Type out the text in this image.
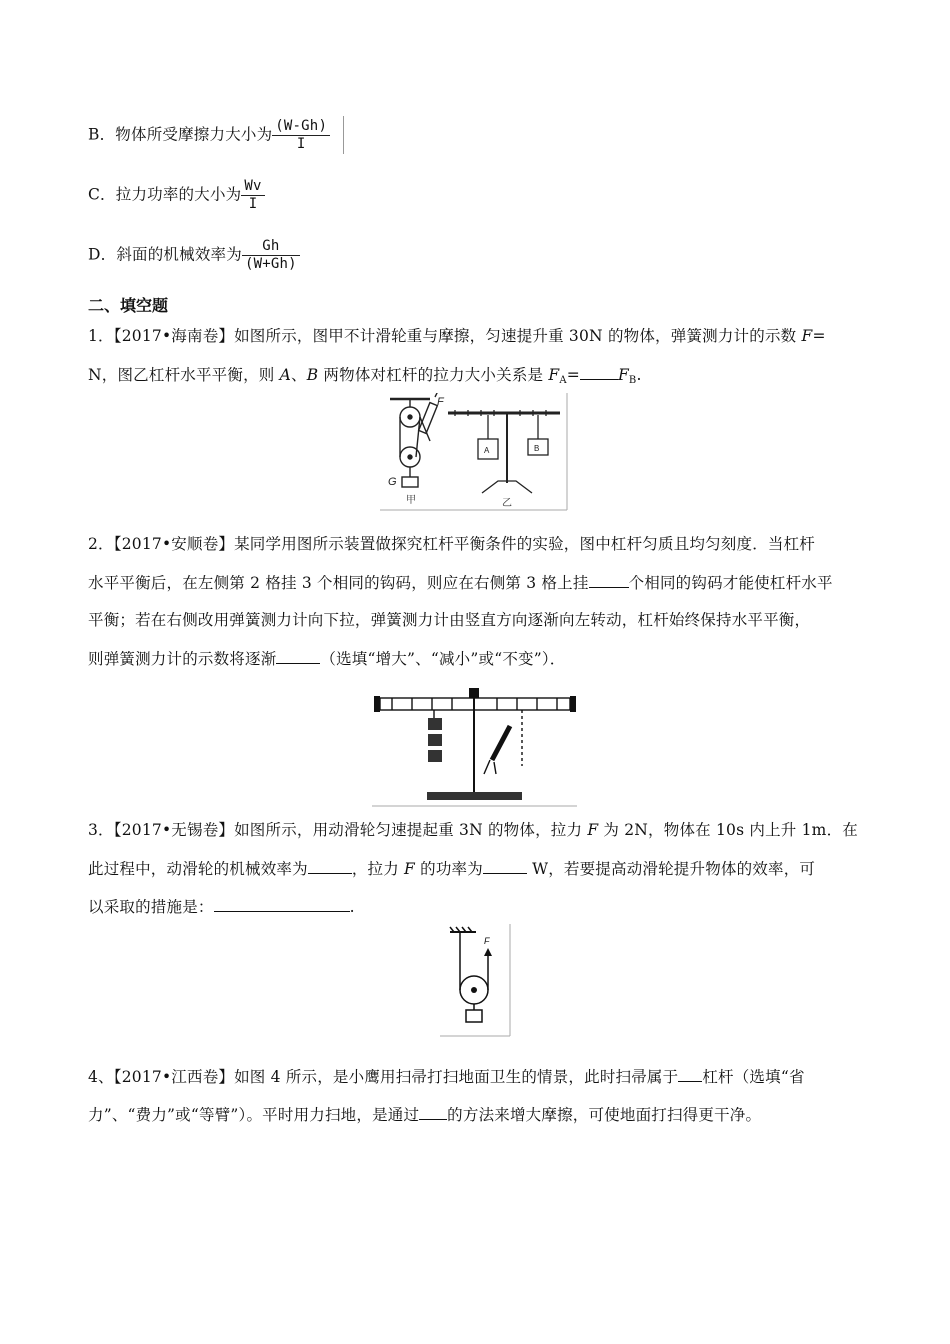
B．物体所受摩擦力大小为 $\frac{(W-Gh)}{I}$
C．拉力功率的大小为 $\frac{Wv}{I}$
D．斜面的机械效率为 $\frac{Gh}{(W+Gh)}$
二、填空题
1．【2017•海南卷】如图所示，图甲不计滑轮重与摩擦，匀速提升重 30N 的物体，弹簧测力计的示数 F=
N，图乙杠杆水平平衡，则 A、B 两物体对杠杆的拉力大小关系是 $F_A= F_B$.
F
G
甲
A	B
乙
2．【2017•安顺卷】某同学用图所示装置做探究杠杆平衡条件的实验，图中杠杆匀质且均匀刻度．当杠杆
水平平衡后，在左侧第 2 格挂 3 个相同的钩码，则应在右侧第 3 格上挂	个相同的钩码才能使杠杆水平
平衡；若在右侧改用弹簧测力计向下拉，弹簧测力计由竖直方向逐渐向左转动，杠杆始终保持水平平衡，
则弹簧测力计的示数将逐渐	（选填“增大”、“减小”或“不变”）．
3．【2017•无锡卷】如图所示，用动滑轮匀速提起重 3N 的物体，拉力 F 为 2N，物体在 10s 内上升 1m．在
此过程中，动滑轮的机械效率为	，拉力 F 的功率为	W，若要提高动滑轮提升物体的效率，可
以采取的措施是：	.
F
4、【2017•江西卷】如图 4 所示，是小鹰用扫帚打扫地面卫生的情景，此时扫帚属于 杠杆（选填“省
力”、“费力”或“等臂”）。平时用力扫地，是通过 的方法来增大摩擦，可使地面打扫得更干净。
